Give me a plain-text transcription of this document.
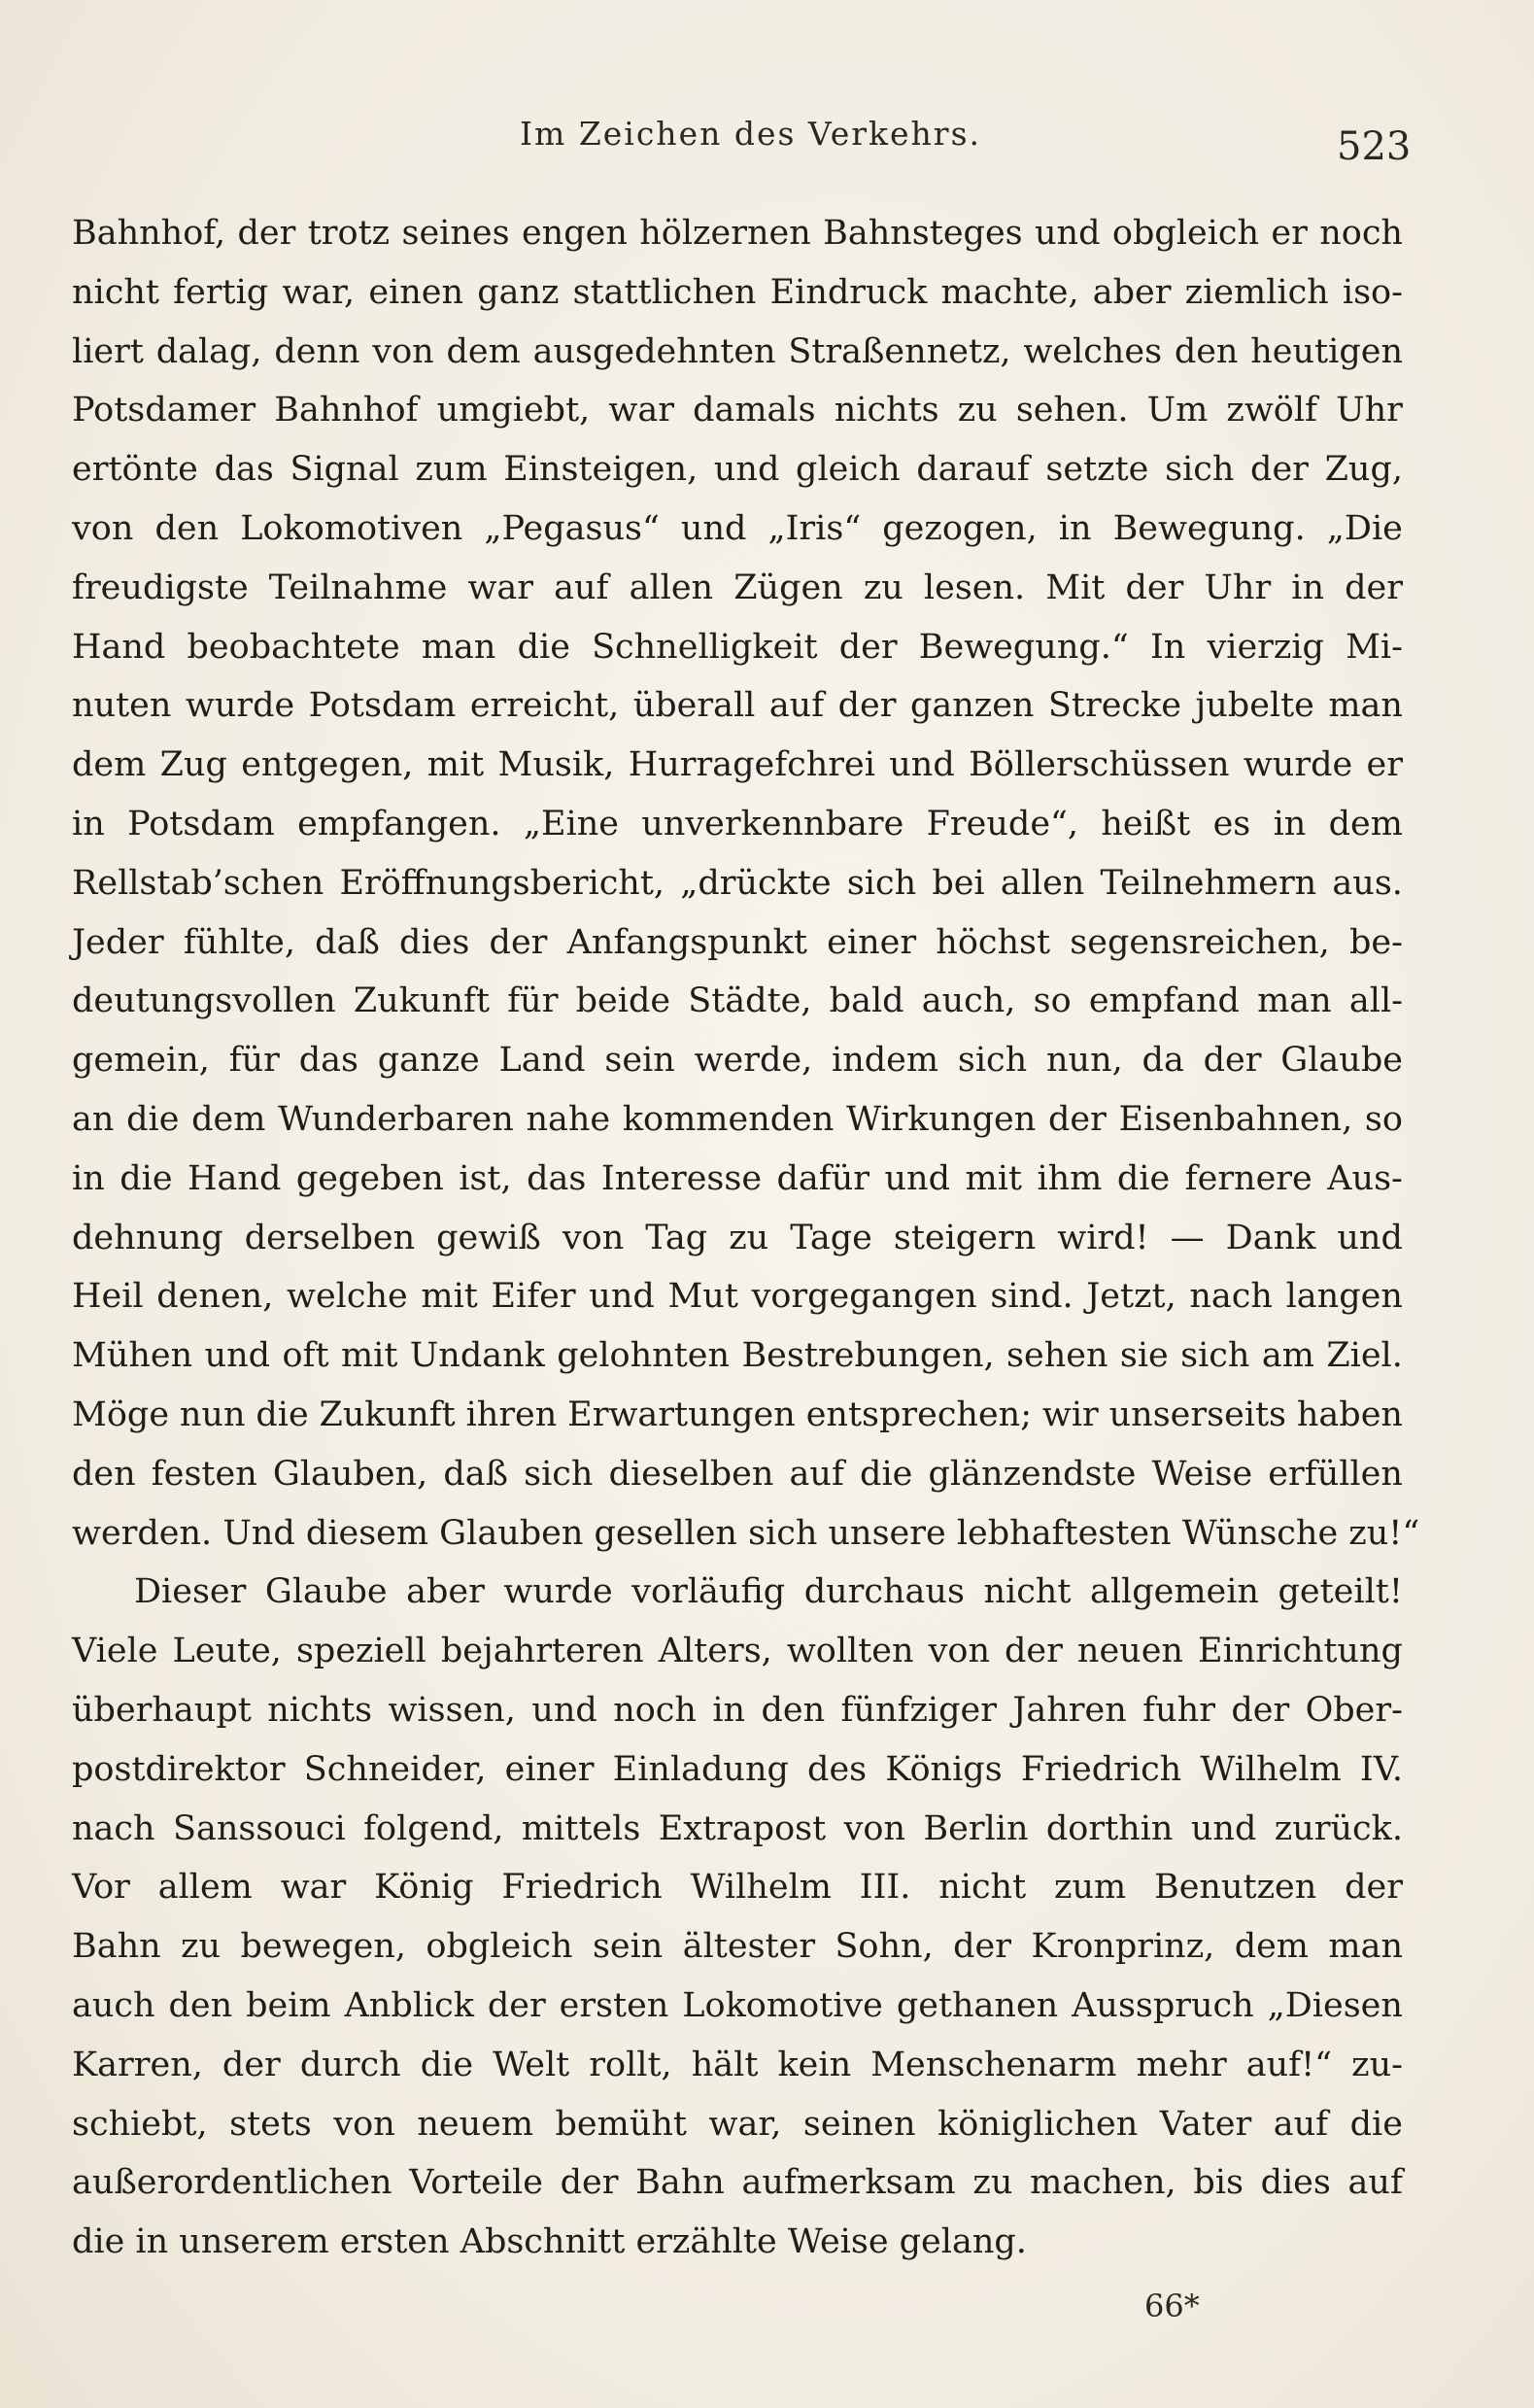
Im Zeichen des Verkehrs.	523
Bahnhof, der trotz seines engen hölzernen Bahnsteges und obgleich er noch
nicht fertig war, einen ganz stattlichen Eindruck machte, aber ziemlich iso-
liert dalag, denn von dem ausgedehnten Straßennetz, welches den heutigen
Potsdamer Bahnhof umgiebt, war damals nichts zu sehen. Um zwölf Uhr
ertönte das Signal zum Einsteigen, und gleich darauf setzte sich der Zug,
von den Lokomotiven „Pegasus“ und „Iris“ gezogen, in Bewegung. „Die
freudigste Teilnahme war auf allen Zügen zu lesen. Mit der Uhr in der
Hand beobachtete man die Schnelligkeit der Bewegung.“ In vierzig Mi-
nuten wurde Potsdam erreicht, überall auf der ganzen Strecke jubelte man
dem Zug entgegen, mit Musik, Hurragefchrei und Böllerschüssen wurde er
in Potsdam empfangen. „Eine unverkennbare Freude“, heißt es in dem
Rellstab’schen Eröffnungsbericht, „drückte sich bei allen Teilnehmern aus.
Jeder fühlte, daß dies der Anfangspunkt einer höchst segensreichen, be-
deutungsvollen Zukunft für beide Städte, bald auch, so empfand man all-
gemein, für das ganze Land sein werde, indem sich nun, da der Glaube
an die dem Wunderbaren nahe kommenden Wirkungen der Eisenbahnen, so
in die Hand gegeben ist, das Interesse dafür und mit ihm die fernere Aus-
dehnung derselben gewiß von Tag zu Tage steigern wird! — Dank und
Heil denen, welche mit Eifer und Mut vorgegangen sind. Jetzt, nach langen
Mühen und oft mit Undank gelohnten Bestrebungen, sehen sie sich am Ziel.
Möge nun die Zukunft ihren Erwartungen entsprechen; wir unserseits haben
den festen Glauben, daß sich dieselben auf die glänzendste Weise erfüllen
werden. Und diesem Glauben gesellen sich unsere lebhaftesten Wünsche zu!“
Dieser Glaube aber wurde vorläufig durchaus nicht allgemein geteilt!
Viele Leute, speziell bejahrteren Alters, wollten von der neuen Einrichtung
überhaupt nichts wissen, und noch in den fünfziger Jahren fuhr der Ober-
postdirektor Schneider, einer Einladung des Königs Friedrich Wilhelm IV.
nach Sanssouci folgend, mittels Extrapost von Berlin dorthin und zurück.
Vor allem war König Friedrich Wilhelm III. nicht zum Benutzen der
Bahn zu bewegen, obgleich sein ältester Sohn, der Kronprinz, dem man
auch den beim Anblick der ersten Lokomotive gethanen Ausspruch „Diesen
Karren, der durch die Welt rollt, hält kein Menschenarm mehr auf!“ zu-
schiebt, stets von neuem bemüht war, seinen königlichen Vater auf die
außerordentlichen Vorteile der Bahn aufmerksam zu machen, bis dies auf
die in unserem ersten Abschnitt erzählte Weise gelang.
66*
